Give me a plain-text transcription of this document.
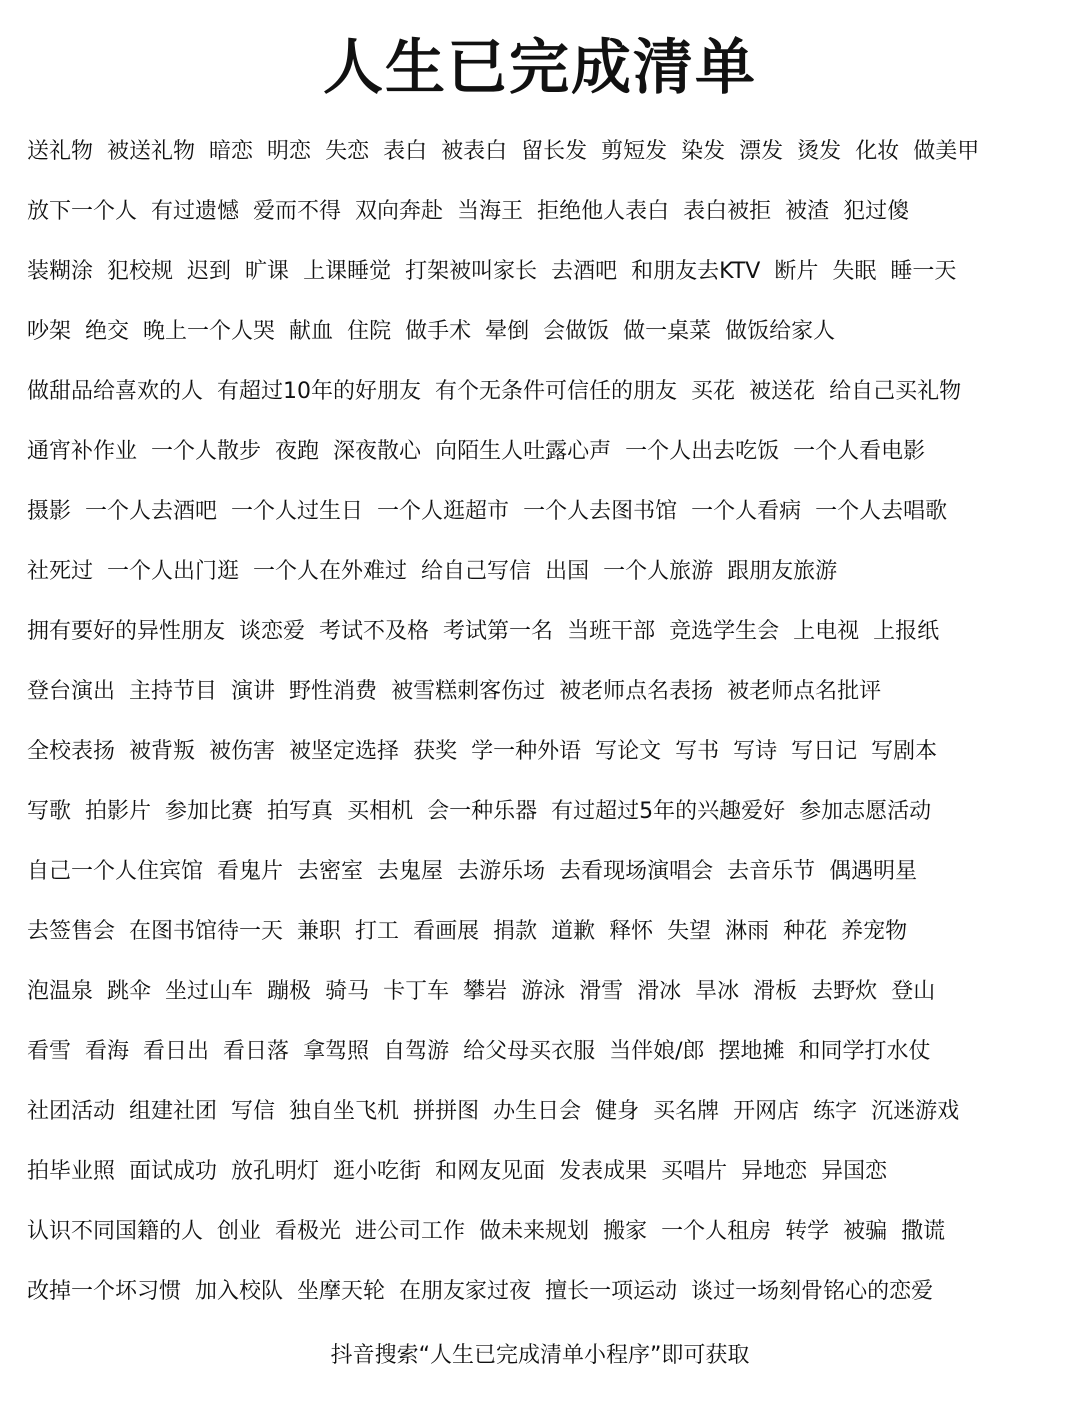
人生已完成清单
送礼物 被送礼物 暗恋 明恋 失恋 表白 被表白 留长发 剪短发 染发 漂发 烫发 化妆 做美甲
放下一个人 有过遗憾 爱而不得 双向奔赴 当海王 拒绝他人表白 表白被拒 被渣 犯过傻
装糊涂 犯校规 迟到 旷课 上课睡觉 打架被叫家长 去酒吧 和朋友去KTV 断片 失眠 睡一天
吵架 绝交 晚上一个人哭 献血 住院 做手术 晕倒 会做饭 做一桌菜 做饭给家人
做甜品给喜欢的人 有超过10年的好朋友 有个无条件可信任的朋友 买花 被送花 给自己买礼物
通宵补作业 一个人散步 夜跑 深夜散心 向陌生人吐露心声 一个人出去吃饭 一个人看电影
摄影 一个人去酒吧 一个人过生日 一个人逛超市 一个人去图书馆 一个人看病 一个人去唱歌
社死过 一个人出门逛 一个人在外难过 给自己写信 出国 一个人旅游 跟朋友旅游
拥有要好的异性朋友 谈恋爱 考试不及格 考试第一名 当班干部 竞选学生会 上电视 上报纸
登台演出 主持节目 演讲 野性消费 被雪糕刺客伤过 被老师点名表扬 被老师点名批评
全校表扬 被背叛 被伤害 被坚定选择 获奖 学一种外语 写论文 写书 写诗 写日记 写剧本
写歌 拍影片 参加比赛 拍写真 买相机 会一种乐器 有过超过5年的兴趣爱好 参加志愿活动
自己一个人住宾馆 看鬼片 去密室 去鬼屋 去游乐场 去看现场演唱会 去音乐节 偶遇明星
去签售会 在图书馆待一天 兼职 打工 看画展 捐款 道歉 释怀 失望 淋雨 种花 养宠物
泡温泉 跳伞 坐过山车 蹦极 骑马 卡丁车 攀岩 游泳 滑雪 滑冰 旱冰 滑板 去野炊 登山
看雪 看海 看日出 看日落 拿驾照 自驾游 给父母买衣服 当伴娘/郎 摆地摊 和同学打水仗
社团活动 组建社团 写信 独自坐飞机 拼拼图 办生日会 健身 买名牌 开网店 练字 沉迷游戏
拍毕业照 面试成功 放孔明灯 逛小吃街 和网友见面 发表成果 买唱片 异地恋 异国恋
认识不同国籍的人 创业 看极光 进公司工作 做未来规划 搬家 一个人租房 转学 被骗 撒谎
改掉一个坏习惯 加入校队 坐摩天轮 在朋友家过夜 擅长一项运动 谈过一场刻骨铭心的恋爱
抖音搜索“人生已完成清单小程序”即可获取
